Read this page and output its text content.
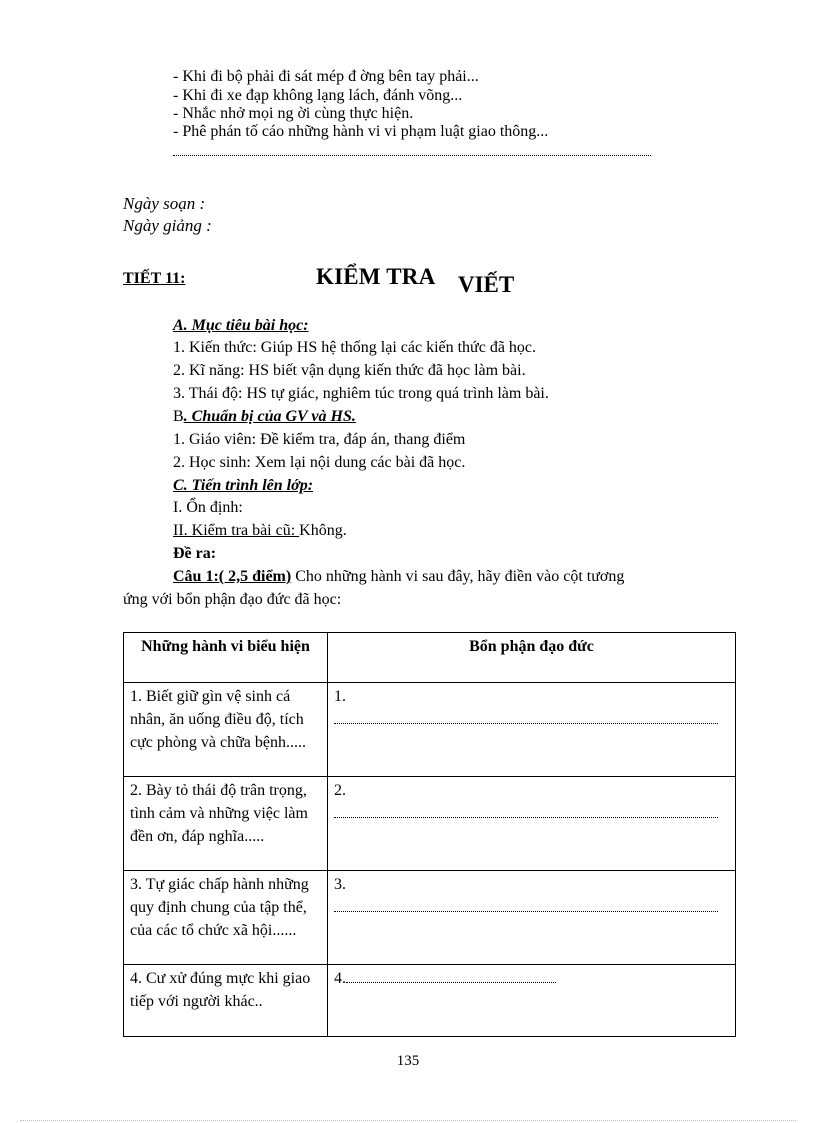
- Khi đi bộ phải đi sát mép đ ờng bên tay phải...
- Khi đi xe đạp không lạng lách, đánh võng...
- Nhắc nhở mọi ng ời cùng thực hiện.
- Phê phán tố cáo những hành vi vi phạm luật giao thông...
Ngày soạn :
Ngày giảng :
TIẾT 11:	KIỂM TRA VIẾT
A. Mục tiêu bài học:
1. Kiến thức: Giúp HS hệ thống lại các kiến thức đã học.
2. Kĩ năng: HS biết vận dụng kiến thức đã học làm bài.
3. Thái độ: HS tự giác, nghiêm túc trong quá trình làm bài.
B. Chuẩn bị của GV và HS.
1. Giáo viên: Đề kiểm tra, đáp án, thang điểm
2. Học sinh: Xem lại nội dung các bài đã học.
C. Tiến trình lên lớp:
I. Ổn định:
II. Kiểm tra bài cũ: Không.
Đề ra:
Câu 1:( 2,5 điểm) Cho những hành vi sau đây, hãy điền vào cột tương
ứng với bổn phận đạo đức đã học:
Những hành vi biểu hiện	Bổn phận đạo đức
1. Biết giữ gìn vệ sinh cá nhân, ăn uống điều độ, tích cực phòng và chữa bệnh.....	1.
2. Bày tỏ thái độ trân trọng, tình cảm và những việc làm đền ơn, đáp nghĩa.....	2.
3. Tự giác chấp hành những quy định chung của tập thể, của các tổ chức xã hội......	3.
4. Cư xử đúng mực khi giao tiếp với người khác..	4.
135
